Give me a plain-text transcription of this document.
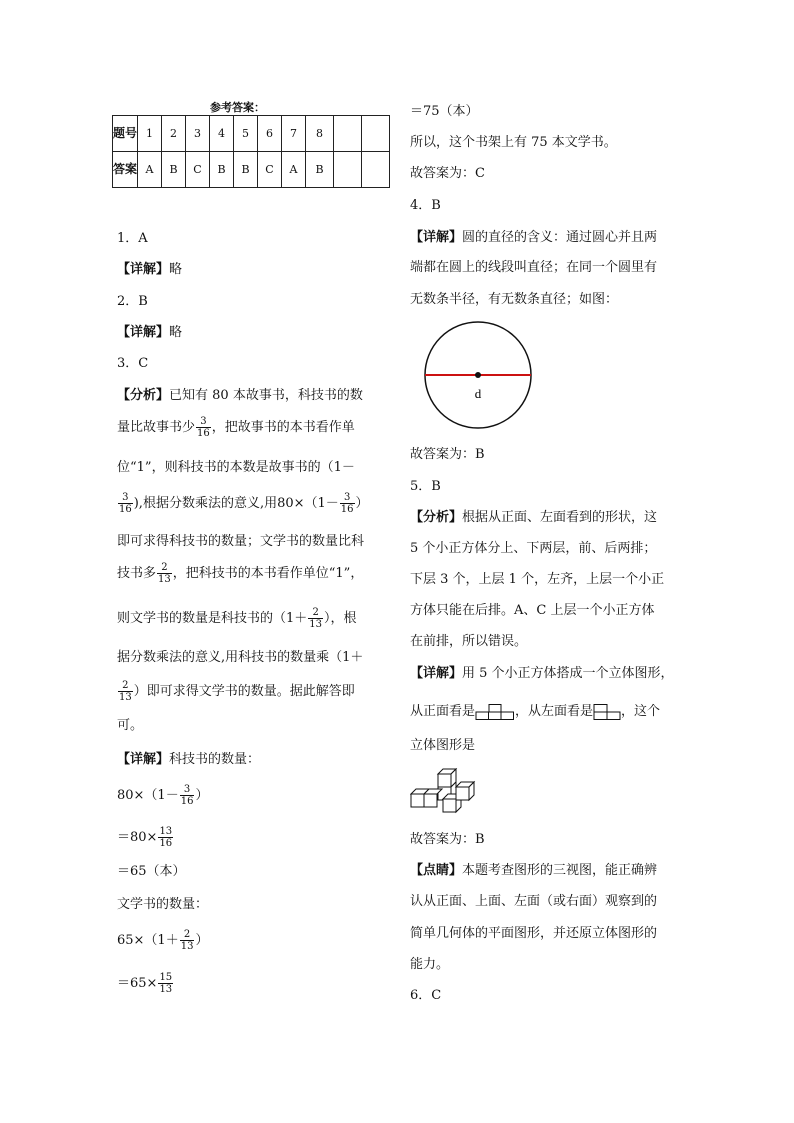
参考答案：
题号	1	2	3	4	5	6	7	8		
答案	A	B	C	B	B	C	A	B		
1．A
【详解】略
2．B
【详解】略
3．C
【分析】已知有 80 本故事书，科技书的数
量比故事书少 $\frac{3}{16}$ ，把故事书的本书看作单
位“1”，则科技书的本数是故事书的（1－
$\frac{3}{16}$ ),根据分数乘法的意义,用$80\times(1- \frac{3}{16}$ ）
即可求得科技书的数量；文学书的数量比科
技书多 $\frac{2}{13}$ ，把科技书的本书看作单位“1”，
则文学书的数量是科技书的（$1+ \frac{2}{13}$ ），根
据分数乘法的意义,用科技书的数量乘（1＋
$\frac{2}{13}$ ）即可求得文学书的数量。据此解答即
可。
【详解】科技书的数量：
$80\times(1- \frac{3}{16}$ ）
$=80\times \frac{13}{16}$
＝65（本）
文学书的数量：
$65\times(1+ \frac{2}{13}$ ）
$=65\times \frac{15}{13}$
＝75（本）
所以，这个书架上有 75 本文学书。
故答案为：C
4．B
【详解】圆的直径的含义：通过圆心并且两
端都在圆上的线段叫直径；在同一个圆里有
无数条半径，有无数条直径；如图：
d
故答案为：B
5．B
【分析】根据从正面、左面看到的形状，这
5 个小正方体分上、下两层，前、后两排；
下层 3 个，上层 1 个，左齐，上层一个小正
方体只能在后排。A、C 上层一个小正方体
在前排，所以错误。
【详解】用 5 个小正方体搭成一个立体图形，
从正面看是	，从左面看是 ，这个
立体图形是
故答案为：B
【点睛】本题考查图形的三视图，能正确辨
认从正面、上面、左面（或右面）观察到的
简单几何体的平面图形，并还原立体图形的
能力。
6．C
